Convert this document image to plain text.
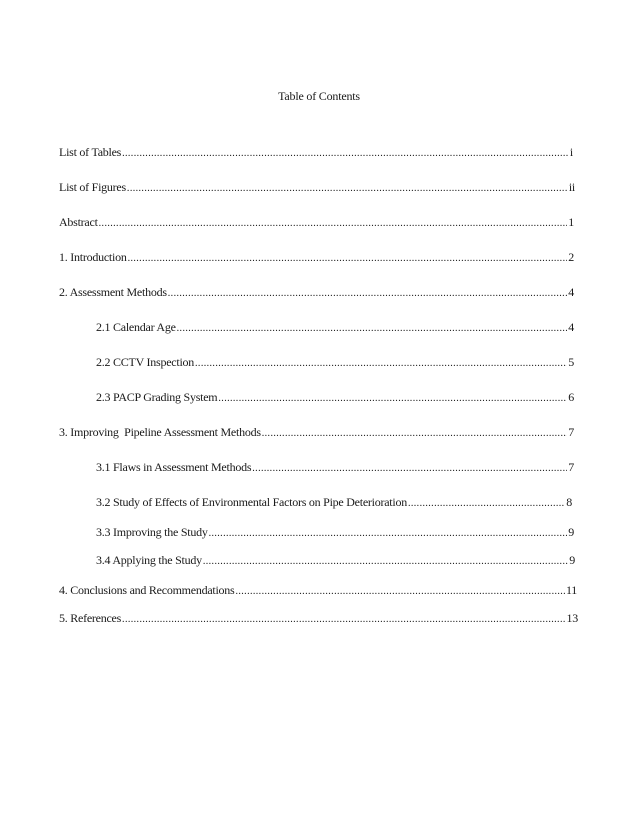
Table of Contents
List of Tables .....	i
List of Figures .....	ii
Abstract .....	1
1. Introduction .....	2
2. Assessment Methods .....	4
2.1 Calendar Age .....	4
2.2 CCTV Inspection .....	5
2.3 PACP Grading System .....	6
3. Improving  Pipeline Assessment Methods .....	7
3.1 Flaws in Assessment Methods .....	7
3.2 Study of Effects of Environmental Factors on Pipe Deterioration .....	8
3.3 Improving the Study .....	9
3.4 Applying the Study .....	9
4. Conclusions and Recommendations .....	11
5. References .....	13
